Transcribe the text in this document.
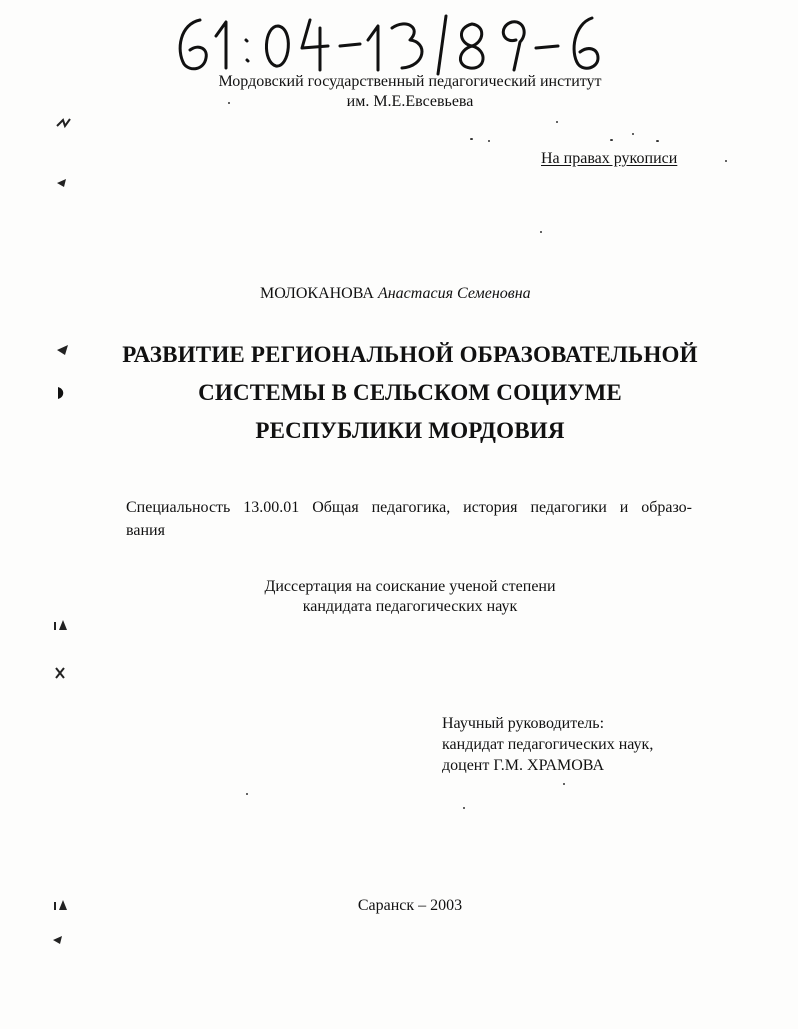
Мордовский государственный педагогический институт
им. М.Е.Евсевьева
На правах рукописи
МОЛОКАНОВА Анастасия Семеновна
РАЗВИТИЕ РЕГИОНАЛЬНОЙ ОБРАЗОВАТЕЛЬНОЙ
СИСТЕМЫ В СЕЛЬСКОМ СОЦИУМЕ
РЕСПУБЛИКИ МОРДОВИЯ
Специальность 13.00.01 Общая педагогика, история педагогики и образо-
вания
Диссертация на соискание ученой степени
кандидата педагогических наук
Научный руководитель:
кандидат педагогических наук,
доцент Г.М. ХРАМОВА
Саранск – 2003
